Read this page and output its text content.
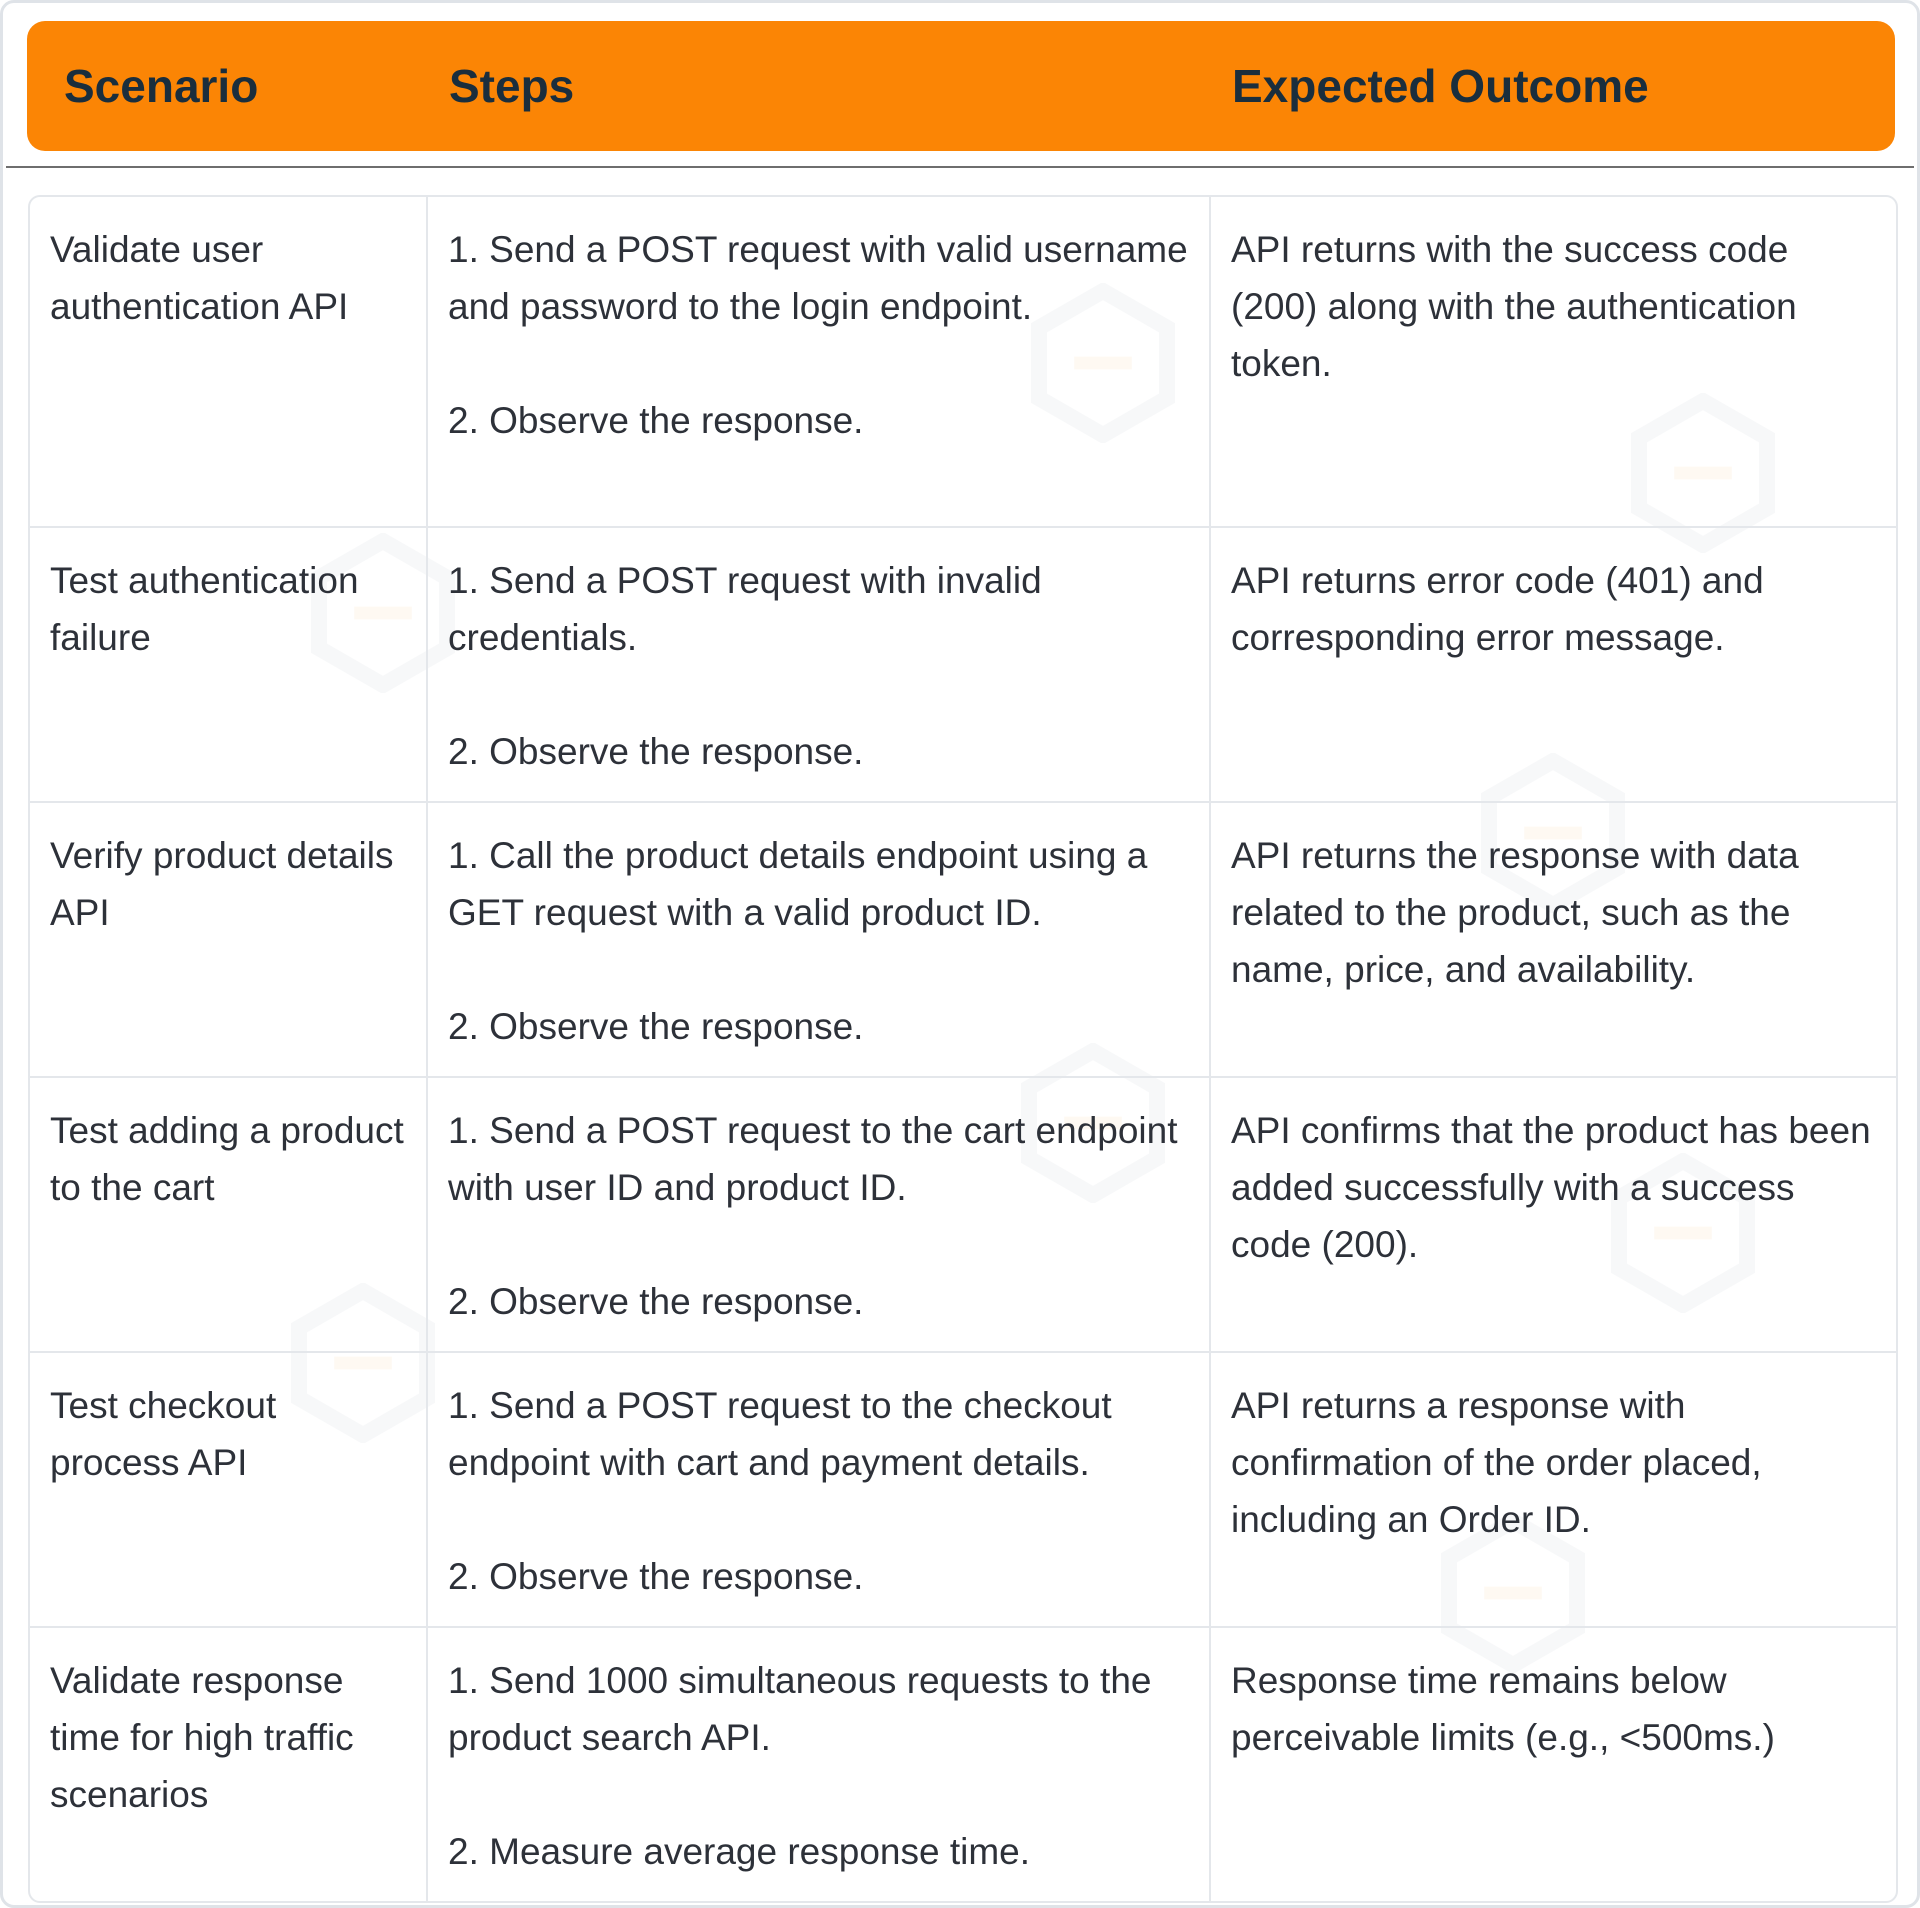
Scenario	Steps	Expected Outcome
Validate user authentication API
1. Send a POST request with valid username and password to the login endpoint.
2. Observe the response.
API returns with the success code (200) along with the authentication token.
Test authentication failure
1. Send a POST request with invalid credentials.
2. Observe the response.
API returns error code (401) and corresponding error message.
Verify product details API
1. Call the product details endpoint using a GET request with a valid product ID.
2. Observe the response.
API returns the response with data related to the product, such as the name, price, and availability.
Test adding a product to the cart
1. Send a POST request to the cart endpoint with user ID and product ID.
2. Observe the response.
API confirms that the product has been added successfully with a success code (200).
Test checkout process API
1. Send a POST request to the checkout endpoint with cart and payment details.
2. Observe the response.
API returns a response with confirmation of the order placed, including an Order ID.
Validate response time for high traffic scenarios
1. Send 1000 simultaneous requests to the product search API.
2. Measure average response time.
Response time remains below perceivable limits (e.g., <500ms.)
